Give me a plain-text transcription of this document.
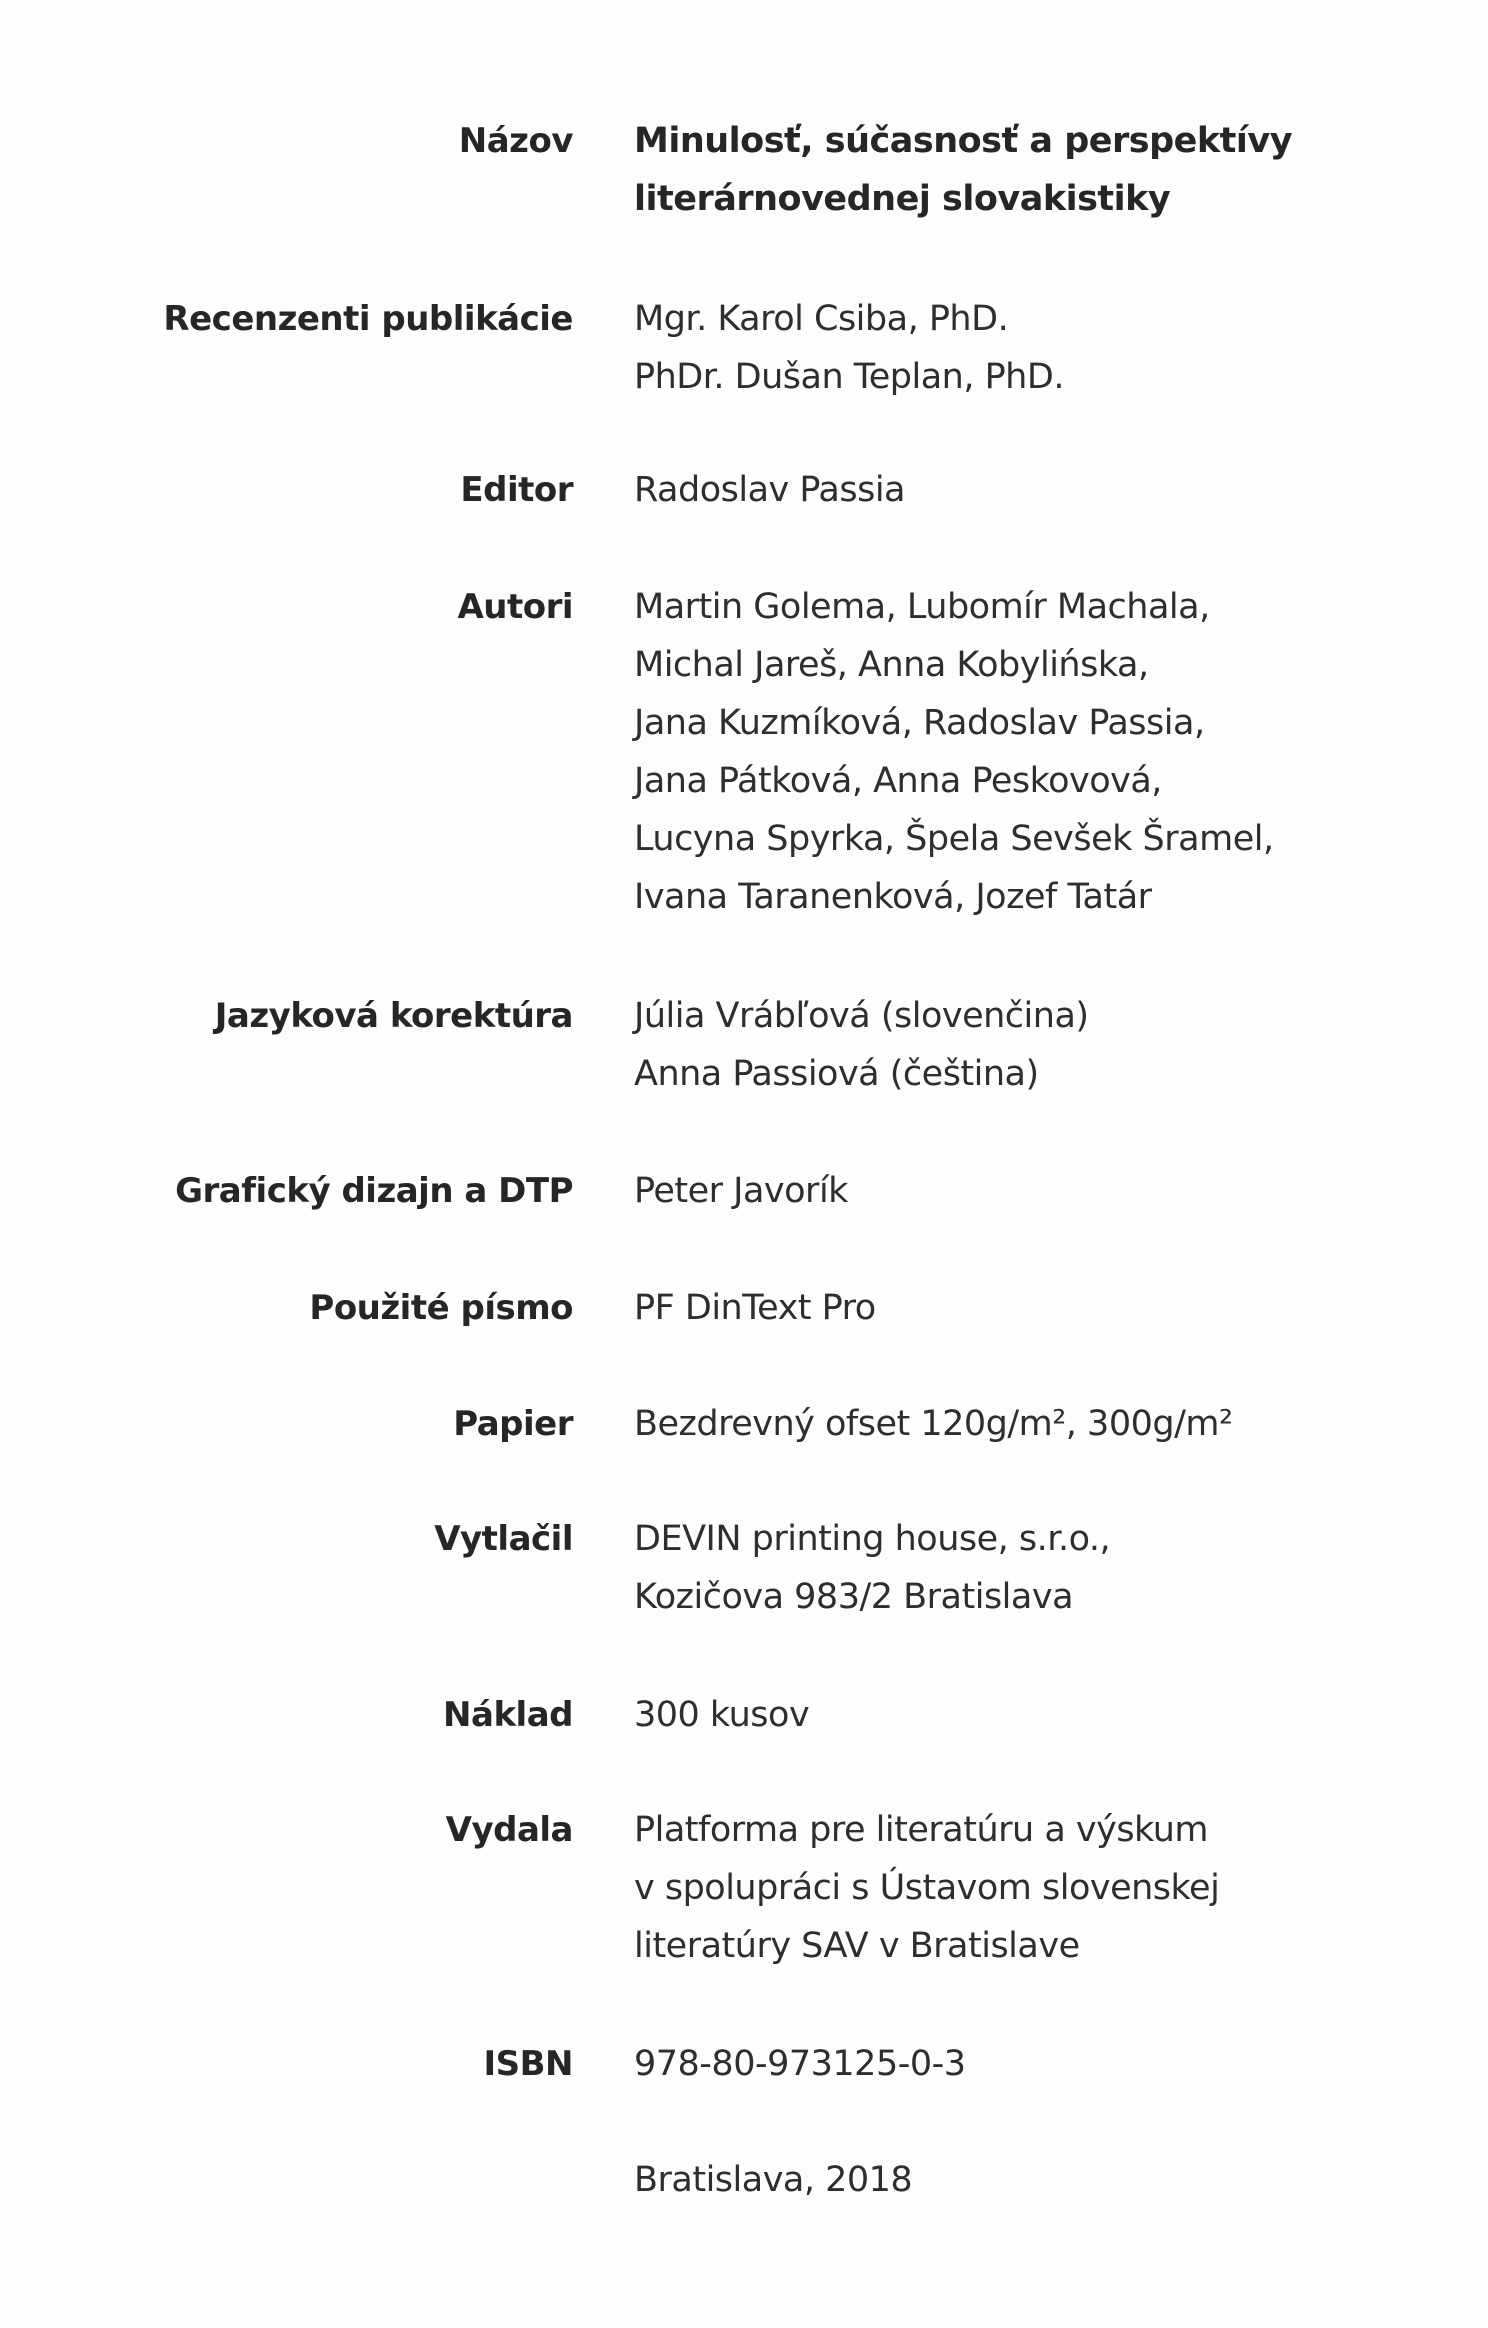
Názov Minulosť, súčasnosť a perspektívy
literárnovednej slovakistiky
Recenzenti publikácie Mgr. Karol Csiba, PhD.
PhDr. Dušan Teplan, PhD.
Editor Radoslav Passia
Autori Martin Golema, Lubomír Machala,
Michal Jareš, Anna Kobylińska,
Jana Kuzmíková, Radoslav Passia,
Jana Pátková, Anna Peskovová,
Lucyna Spyrka, Špela Sevšek Šramel,
Ivana Taranenková, Jozef Tatár
Jazyková korektúra Júlia Vrábľová (slovenčina)
Anna Passiová (čeština)
Grafický dizajn a DTP Peter Javorík
Použité písmo PF DinText Pro
Papier Bezdrevný ofset 120g/m², 300g/m²
Vytlačil DEVIN printing house, s.r.o.,
Kozičova 983/2 Bratislava
Náklad 300 kusov
Vydala Platforma pre literatúru a výskum
v spolupráci s Ústavom slovenskej
literatúry SAV v Bratislave
ISBN 978-80-973125-0-3
Bratislava, 2018
